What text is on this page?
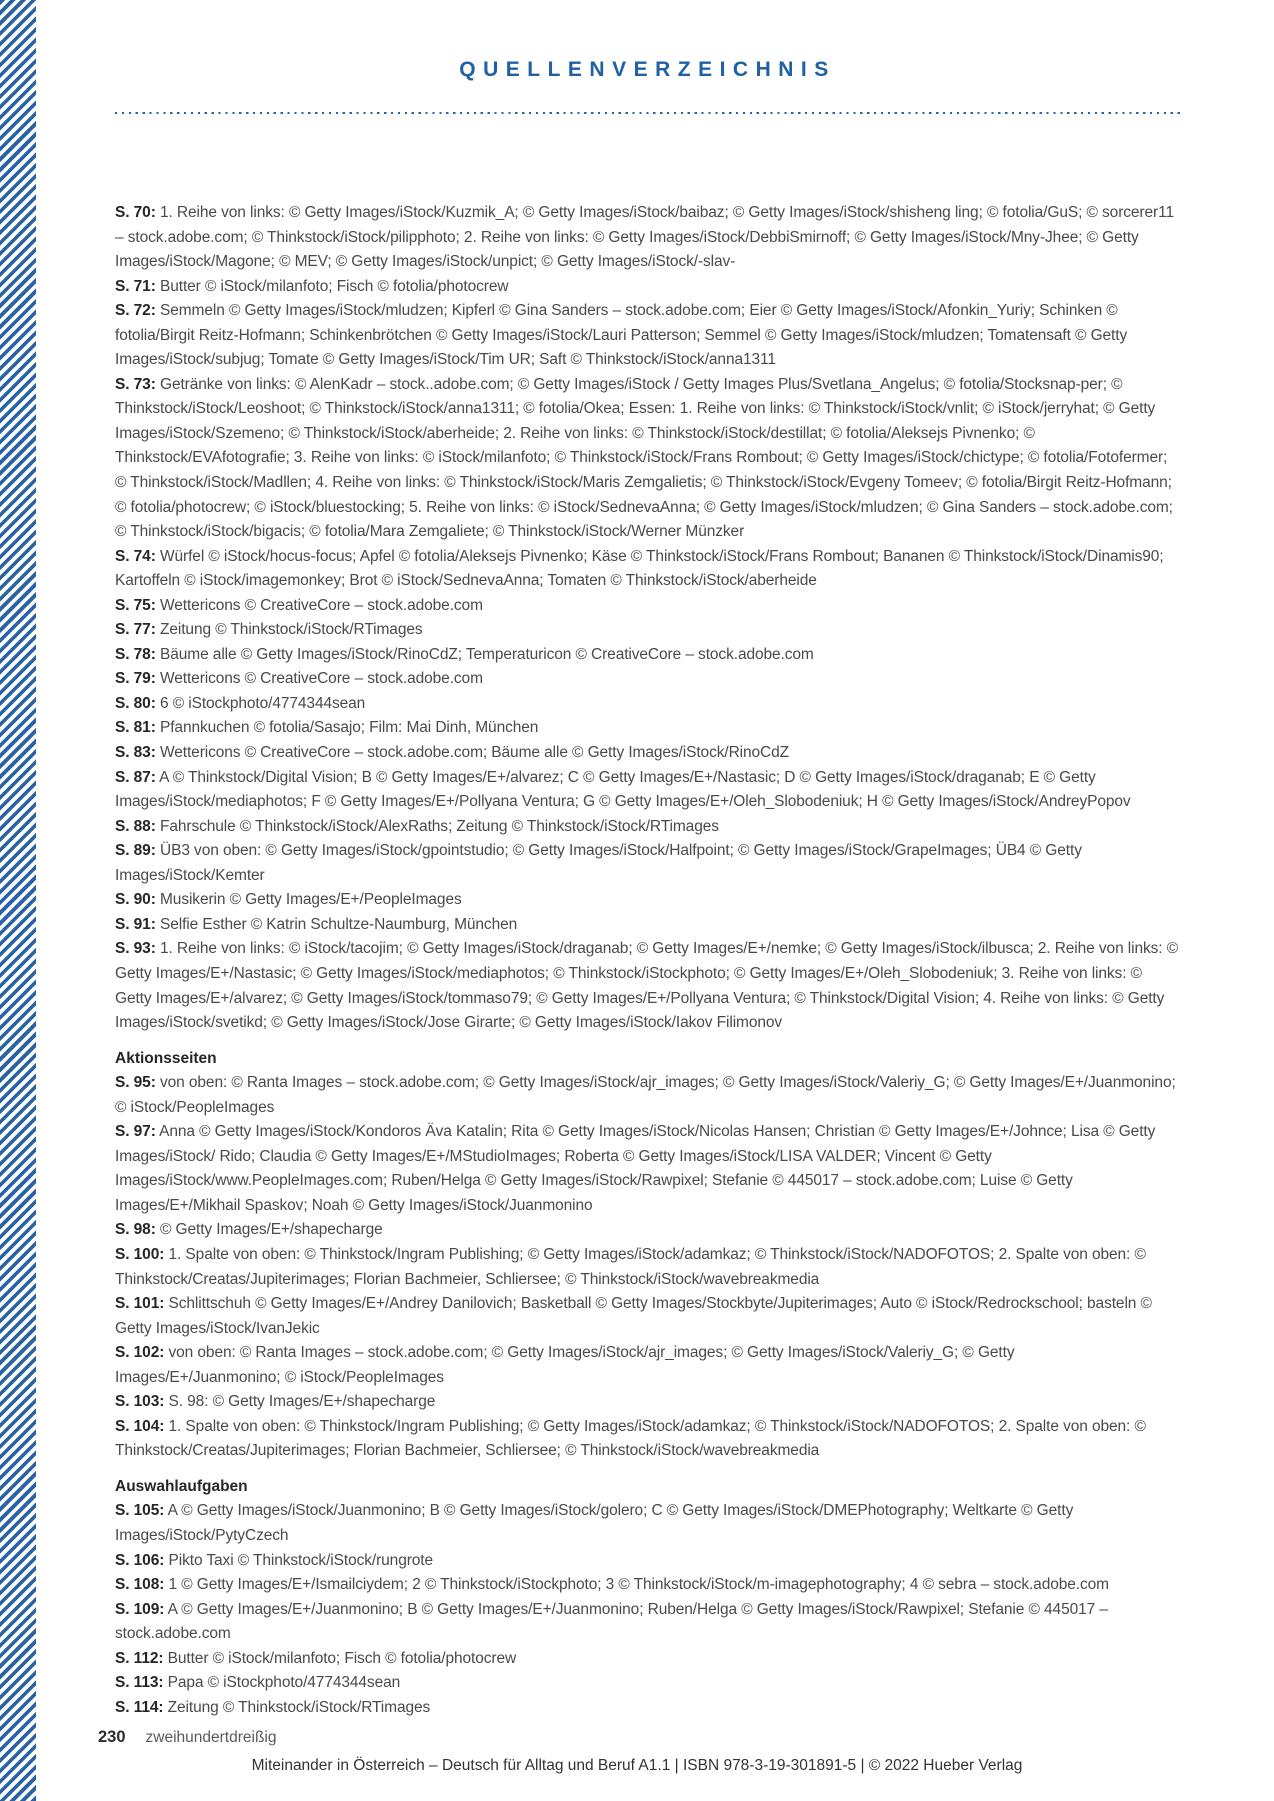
QUELLENVERZEICHNIS

S. 70: 1. Reihe von links: © Getty Images/iStock/Kuzmik_A; © Getty Images/iStock/baibaz; © Getty Images/iStock/shisheng ling; © fotolia/GuS; © sorcerer11 – stock.adobe.com; © Thinkstock/iStock/pilipphoto; 2. Reihe von links: © Getty Images/iStock/DebbiSmirnoff; © Getty Images/iStock/Mny-Jhee; © Getty Images/iStock/Magone; © MEV; © Getty Images/iStock/unpict; © Getty Images/iStock/-slav-

S. 71: Butter © iStock/milanfoto; Fisch © fotolia/photocrew

S. 72: Semmeln © Getty Images/iStock/mludzen; Kipferl © Gina Sanders – stock.adobe.com; Eier © Getty Images/iStock/Afonkin_Yuriy; Schinken © fotolia/Birgit Reitz-Hofmann; Schinkenbrötchen © Getty Images/iStock/Lauri Patterson; Semmel © Getty Images/iStock/mludzen; Tomatensaft © Getty Images/iStock/subjug; Tomate © Getty Images/iStock/Tim UR; Saft © Thinkstock/iStock/anna1311

S. 73: Getränke von links: © AlenKadr – stock..adobe.com; © Getty Images/iStock / Getty Images Plus/Svetlana_Angelus; © fotolia/Stocksnap-per; © Thinkstock/iStock/Leoshoot; © Thinkstock/iStock/anna1311; © fotolia/Okea; Essen: 1. Reihe von links: © Thinkstock/iStock/vnlit; © iStock/jerryhat; © Getty Images/iStock/Szemeno; © Thinkstock/iStock/aberheide; 2. Reihe von links: © Thinkstock/iStock/destillat; © fotolia/Aleksejs Pivnenko; © Thinkstock/EVAfotografie; 3. Reihe von links: © iStock/milanfoto; © Thinkstock/iStock/Frans Rombout; © Getty Images/iStock/chictype; © fotolia/Fotofermer; © Thinkstock/iStock/Madllen; 4. Reihe von links: © Thinkstock/iStock/Maris Zemgalietis; © Thinkstock/iStock/Evgeny Tomeev; © fotolia/Birgit Reitz-Hofmann; © fotolia/photocrew; © iStock/bluestocking; 5. Reihe von links: © iStock/SednevaAnna; © Getty Images/iStock/mludzen; © Gina Sanders – stock.adobe.com; © Thinkstock/iStock/bigacis; © fotolia/Mara Zemgaliete; © Thinkstock/iStock/Werner Münzker

S. 74: Würfel © iStock/hocus-focus; Apfel © fotolia/Aleksejs Pivnenko; Käse © Thinkstock/iStock/Frans Rombout; Bananen © Thinkstock/iStock/Dinamis90; Kartoffeln © iStock/imagemonkey; Brot © iStock/SednevaAnna; Tomaten © Thinkstock/iStock/aberheide

S. 75: Wettericons © CreativeCore – stock.adobe.com

S. 77: Zeitung © Thinkstock/iStock/RTimages

S. 78: Bäume alle © Getty Images/iStock/RinoCdZ; Temperaturicon © CreativeCore – stock.adobe.com

S. 79: Wettericons © CreativeCore – stock.adobe.com

S. 80: 6 © iStockphoto/4774344sean

S. 81: Pfannkuchen © fotolia/Sasajo; Film: Mai Dinh, München

S. 83: Wettericons © CreativeCore – stock.adobe.com; Bäume alle © Getty Images/iStock/RinoCdZ

S. 87: A © Thinkstock/Digital Vision; B © Getty Images/E+/alvarez; C © Getty Images/E+/Nastasic; D © Getty Images/iStock/draganab; E © Getty Images/iStock/mediaphotos; F © Getty Images/E+/Pollyana Ventura; G © Getty Images/E+/Oleh_Slobodeniuk; H © Getty Images/iStock/AndreyPopov

S. 88: Fahrschule © Thinkstock/iStock/AlexRaths; Zeitung © Thinkstock/iStock/RTimages

S. 89: ÜB3 von oben: © Getty Images/iStock/gpointstudio; © Getty Images/iStock/Halfpoint; © Getty Images/iStock/GrapeImages; ÜB4 © Getty Images/iStock/Kemter

S. 90: Musikerin © Getty Images/E+/PeopleImages

S. 91: Selfie Esther © Katrin Schultze-Naumburg, München

S. 93: 1. Reihe von links: © iStock/tacojim; © Getty Images/iStock/draganab; © Getty Images/E+/nemke; © Getty Images/iStock/ilbusca; 2. Reihe von links: © Getty Images/E+/Nastasic; © Getty Images/iStock/mediaphotos; © Thinkstock/iStockphoto; © Getty Images/E+/Oleh_Slobodeniuk; 3. Reihe von links: © Getty Images/E+/alvarez; © Getty Images/iStock/tommaso79; © Getty Images/E+/Pollyana Ventura; © Thinkstock/Digital Vision; 4. Reihe von links: © Getty Images/iStock/svetikd; © Getty Images/iStock/Jose Girarte; © Getty Images/iStock/Iakov Filimonov

Aktionsseiten

S. 95: von oben: © Ranta Images – stock.adobe.com; © Getty Images/iStock/ajr_images; © Getty Images/iStock/Valeriy_G; © Getty Images/E+/Juanmonino; © iStock/PeopleImages

S. 97: Anna © Getty Images/iStock/Kondoros Äva Katalin; Rita © Getty Images/iStock/Nicolas Hansen; Christian © Getty Images/E+/Johnce; Lisa © Getty Images/iStock/ Rido; Claudia © Getty Images/E+/MStudioImages; Roberta © Getty Images/iStock/LISA VALDER; Vincent © Getty Images/iStock/www.PeopleImages.com; Ruben/Helga © Getty Images/iStock/Rawpixel; Stefanie © 445017 – stock.adobe.com; Luise © Getty Images/E+/Mikhail Spaskov; Noah © Getty Images/iStock/Juanmonino

S. 98: © Getty Images/E+/shapecharge

S. 100: 1. Spalte von oben: © Thinkstock/Ingram Publishing; © Getty Images/iStock/adamkaz; © Thinkstock/iStock/NADOFOTOS; 2. Spalte von oben: © Thinkstock/Creatas/Jupiterimages; Florian Bachmeier, Schliersee; © Thinkstock/iStock/wavebreakmedia

S. 101: Schlittschuh © Getty Images/E+/Andrey Danilovich; Basketball © Getty Images/Stockbyte/Jupiterimages; Auto © iStock/Redrockschool; basteln © Getty Images/iStock/IvanJekic

S. 102: von oben: © Ranta Images – stock.adobe.com; © Getty Images/iStock/ajr_images; © Getty Images/iStock/Valeriy_G; © Getty Images/E+/Juanmonino; © iStock/PeopleImages

S. 103: S. 98: © Getty Images/E+/shapecharge

S. 104: 1. Spalte von oben: © Thinkstock/Ingram Publishing; © Getty Images/iStock/adamkaz; © Thinkstock/iStock/NADOFOTOS; 2. Spalte von oben: © Thinkstock/Creatas/Jupiterimages; Florian Bachmeier, Schliersee; © Thinkstock/iStock/wavebreakmedia

Auswahlaufgaben

S. 105: A © Getty Images/iStock/Juanmonino; B © Getty Images/iStock/golero; C © Getty Images/iStock/DMEPhotography; Weltkarte © Getty Images/iStock/PytyCzech

S. 106: Pikto Taxi © Thinkstock/iStock/rungrote

S. 108: 1 © Getty Images/E+/Ismailciydem; 2 © Thinkstock/iStockphoto; 3 © Thinkstock/iStock/m-imagephotography; 4 © sebra – stock.adobe.com

S. 109: A © Getty Images/E+/Juanmonino; B © Getty Images/E+/Juanmonino; Ruben/Helga © Getty Images/iStock/Rawpixel; Stefanie © 445017 – stock.adobe.com

S. 112: Butter © iStock/milanfoto; Fisch © fotolia/photocrew

S. 113: Papa © iStockphoto/4774344sean

S. 114: Zeitung © Thinkstock/iStock/RTimages

230 zweihundertdreißig
Miteinander in Österreich – Deutsch für Alltag und Beruf A1.1 | ISBN 978-3-19-301891-5 | © 2022 Hueber Verlag
